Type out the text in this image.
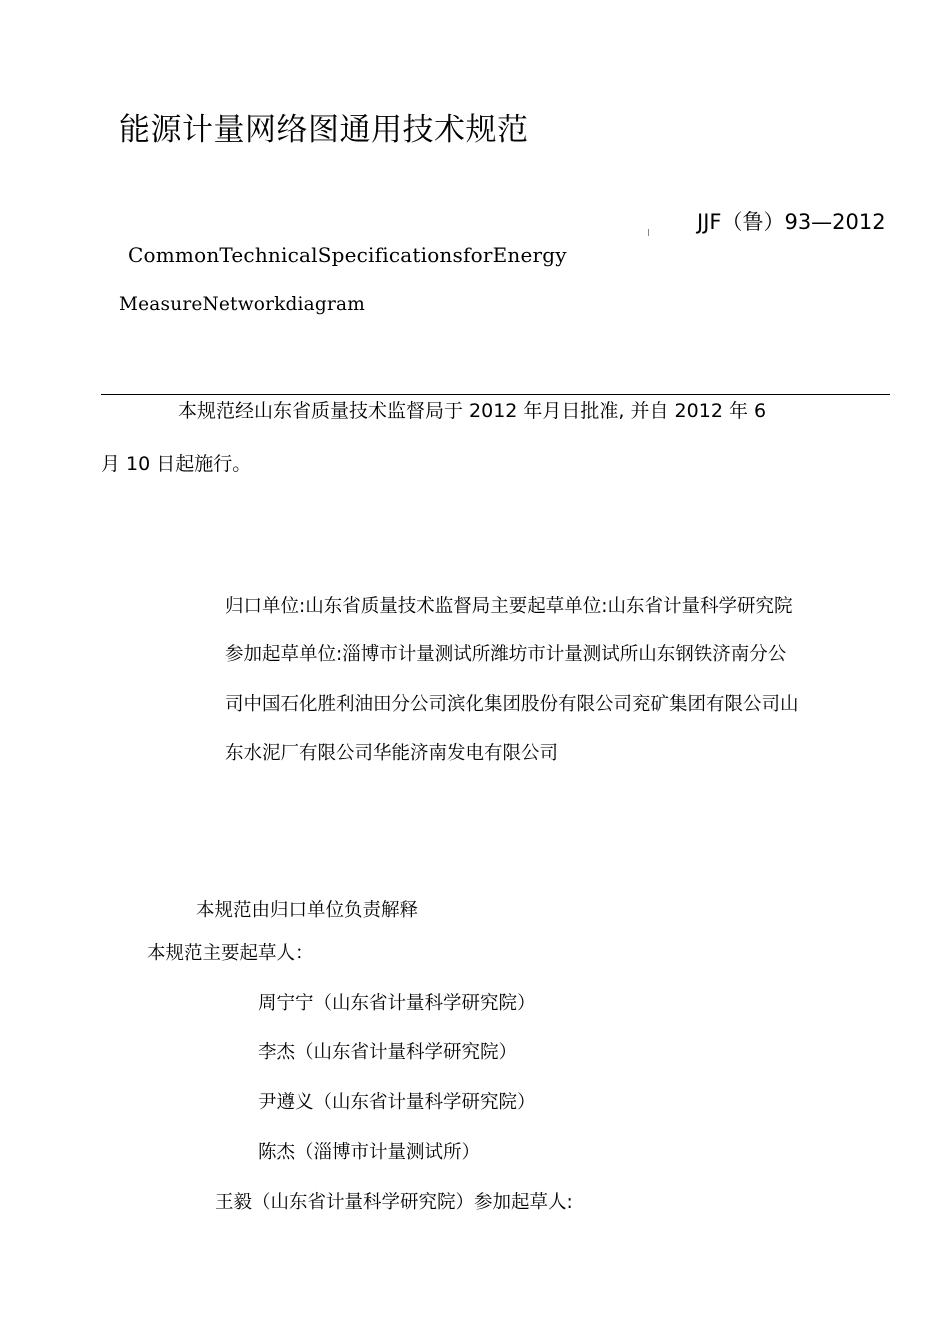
能源计量网络图通用技术规范
JJF（鲁）93—2012
CommonTechnicalSpecificationsforEnergy
MeasureNetworkdiagram
本规范经山东省质量技术监督局于 2012 年月日批准, 并自 2012 年 6
月 10 日起施行。
归口单位:山东省质量技术监督局主要起草单位:山东省计量科学研究院
参加起草单位:淄博市计量测试所潍坊市计量测试所山东钢铁济南分公
司中国石化胜利油田分公司滨化集团股份有限公司兖矿集团有限公司山
东水泥厂有限公司华能济南发电有限公司
本规范由归口单位负责解释
本规范主要起草人：
周宁宁（山东省计量科学研究院）
李杰（山东省计量科学研究院）
尹遵义（山东省计量科学研究院）
陈杰（淄博市计量测试所）
王毅（山东省计量科学研究院）参加起草人:
